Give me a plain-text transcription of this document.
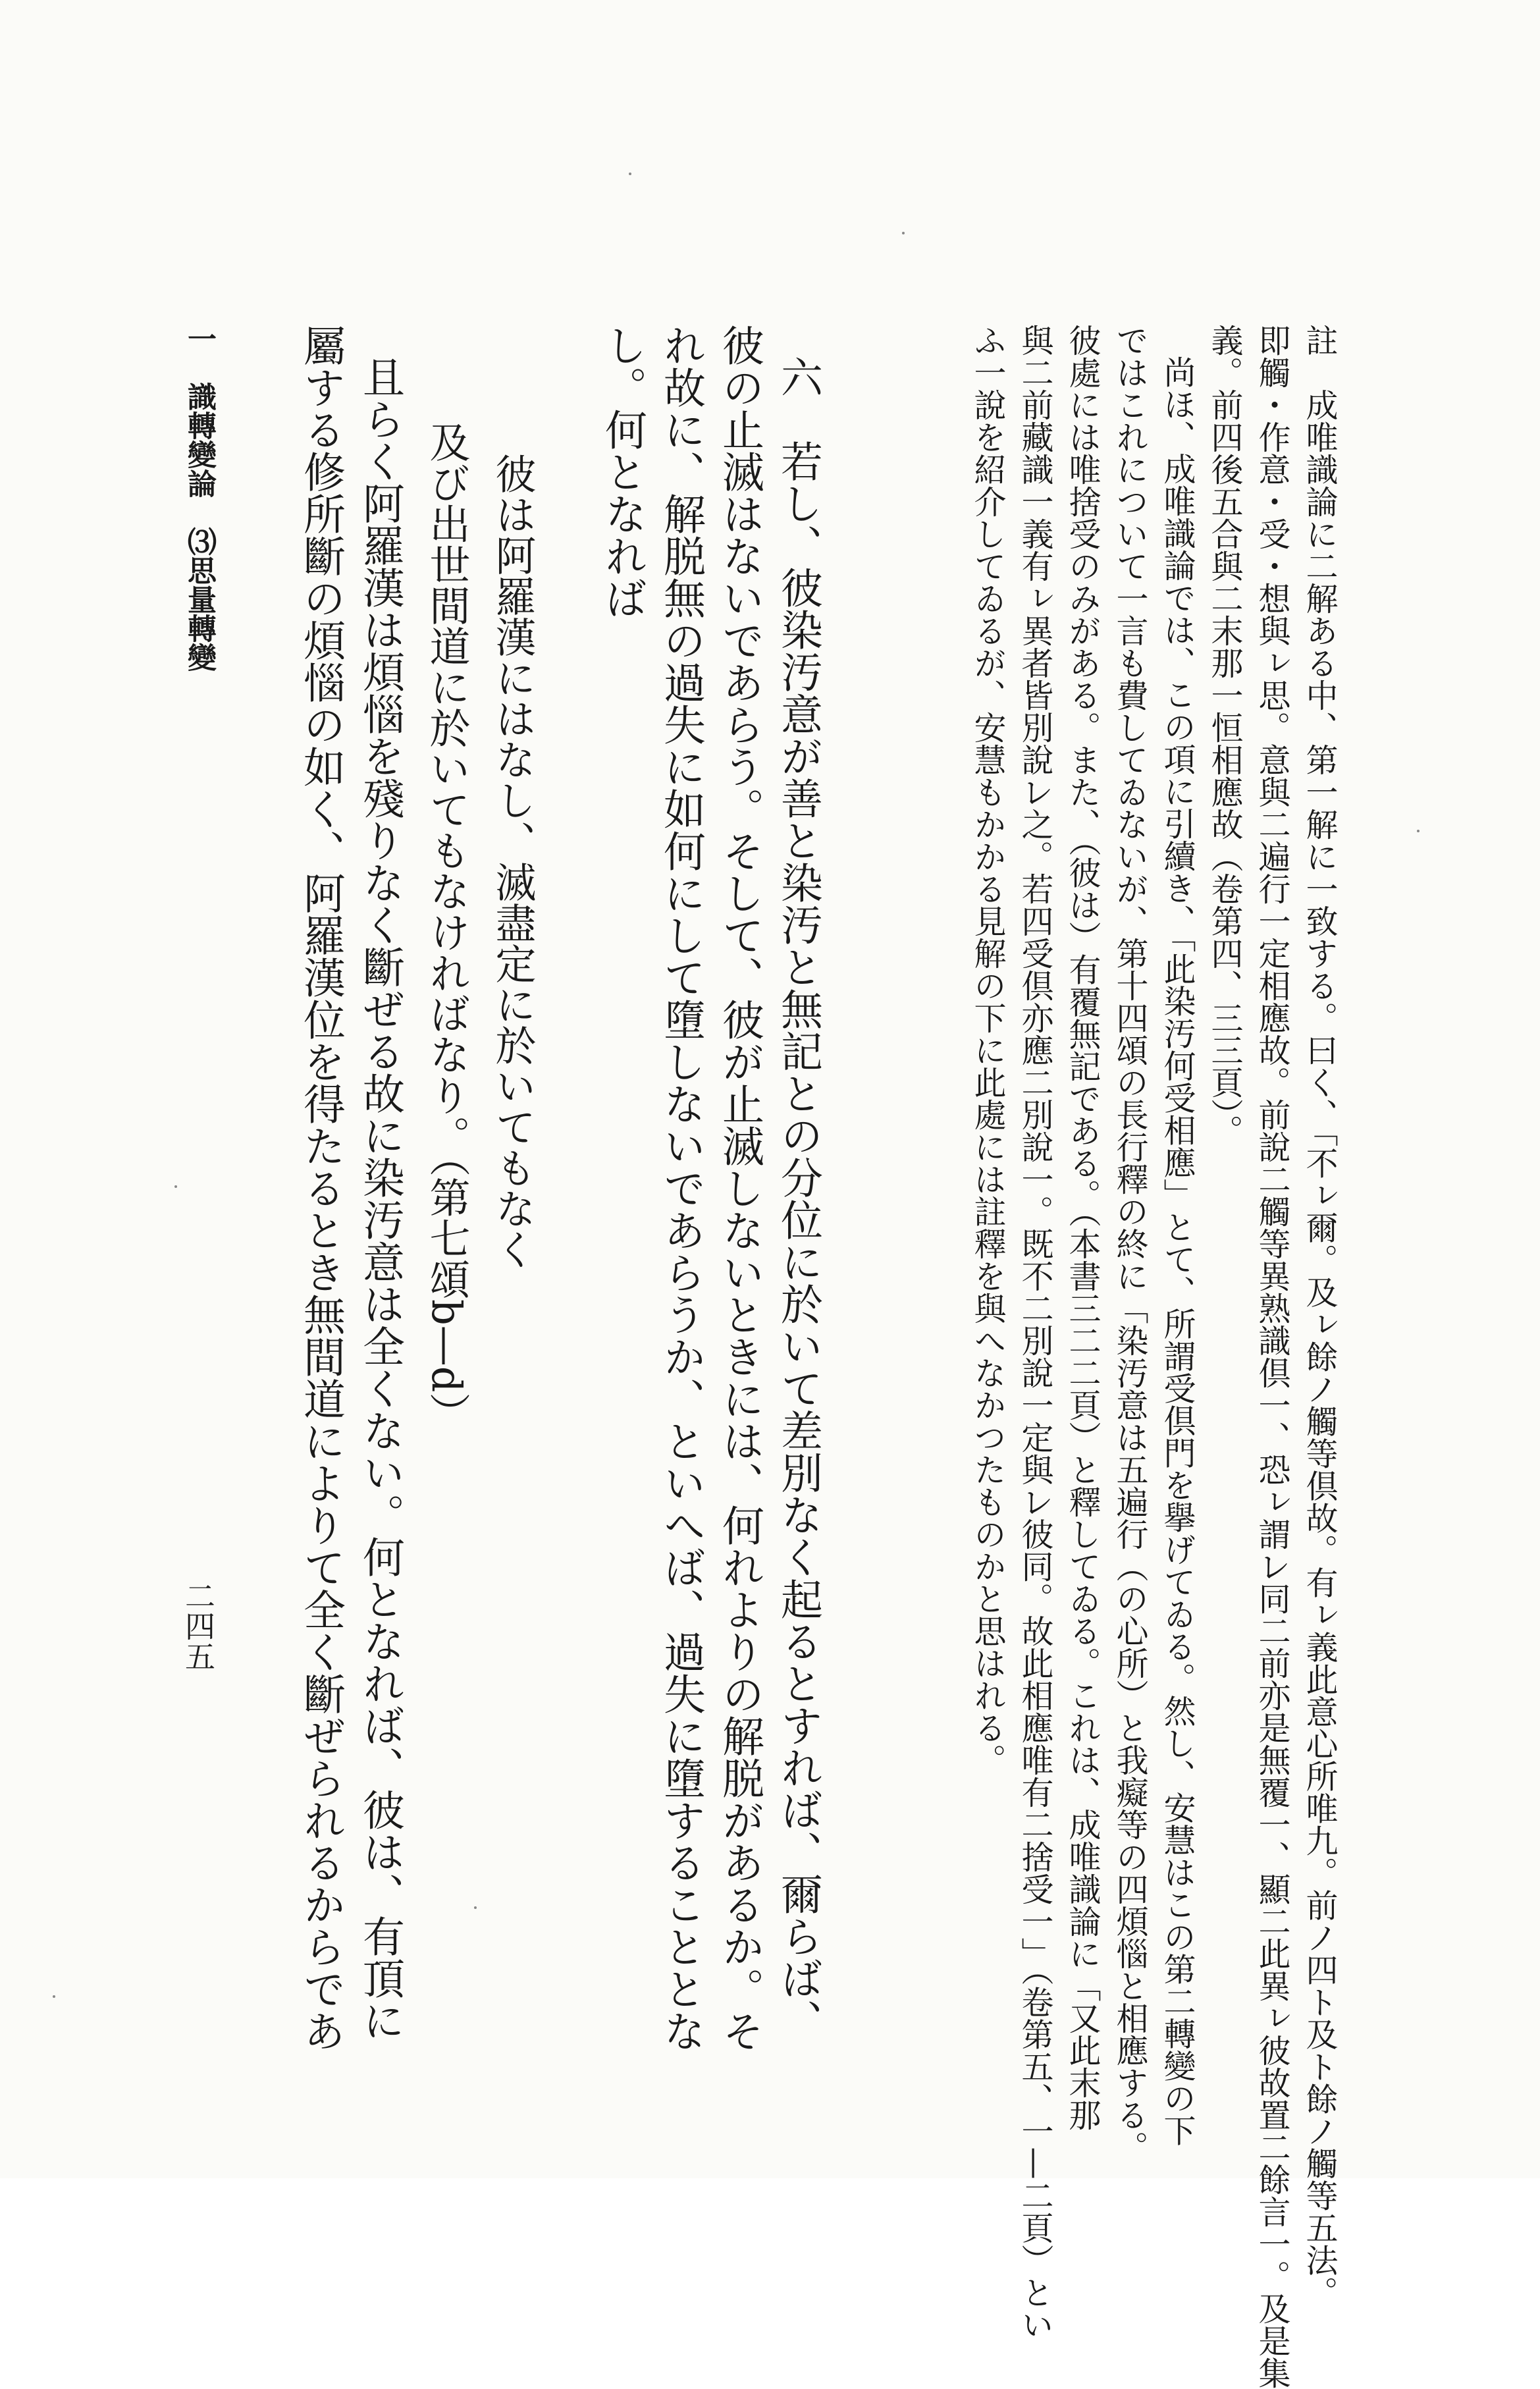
註　成唯識論に二解ある中、第一解に一致する。曰く、「不ㇾ爾。及ㇾ餘ノ觸等倶故。有ㇾ義此意心所唯九。前ノ四ト及ト餘ノ觸等五法。
即觸・作意・受・想與ㇾ思。意與二遍行一定相應故。前說二觸等異熟識倶一、恐ㇾ謂レ同二前亦是無覆一、顯二此異ㇾ彼故置二餘言一。及是集
義。前四後五合與二末那一恒相應故（卷第四、三三頁）。
尚ほ、成唯識論では、この項に引續き、「此染汚何受相應」とて、所謂受倶門を擧げてゐる。然し、安慧はこの第二轉變の下
ではこれについて一言も費してゐないが、第十四頌の長行釋の終に「染汚意は五遍行（の心所）と我癡等の四煩惱と相應する。
彼處には唯捨受のみがある。また、（彼は）有覆無記である。（本書三二二頁）と釋してゐる。これは、成唯識論に「又此末那
與二前藏識一義有ㇾ異者皆別說レ之。若四受倶亦應二別說一。既不二別說一定與レ彼同。故此相應唯有二捨受一」（卷第五、一—二頁）とい
ふ一說を紹介してゐるが、安慧もかかる見解の下に此處には註釋を與へなかつたものかと思はれる。
六　若し、彼染汚意が善と染汚と無記との分位に於いて差別なく起るとすれば、爾らば、
彼の止滅はないであらう。そして、彼が止滅しないときには、何れよりの解脱があるか。そ
れ故に、解脱無の過失に如何にして墮しないであらうか、といへば、過失に墮することとな
し。何となれば
彼は阿羅漢にはなし、滅盡定に於いてもなく
及び出世間道に於いてもなければなり。（第七頌b—d）
且らく阿羅漢は煩惱を殘りなく斷ぜる故に染汚意は全くない。何となれば、彼は、有頂に
屬する修所斷の煩惱の如く、阿羅漢位を得たるとき無間道によりて全く斷ぜられるからであ
一　識轉變論　⑶思量轉變
二四五
